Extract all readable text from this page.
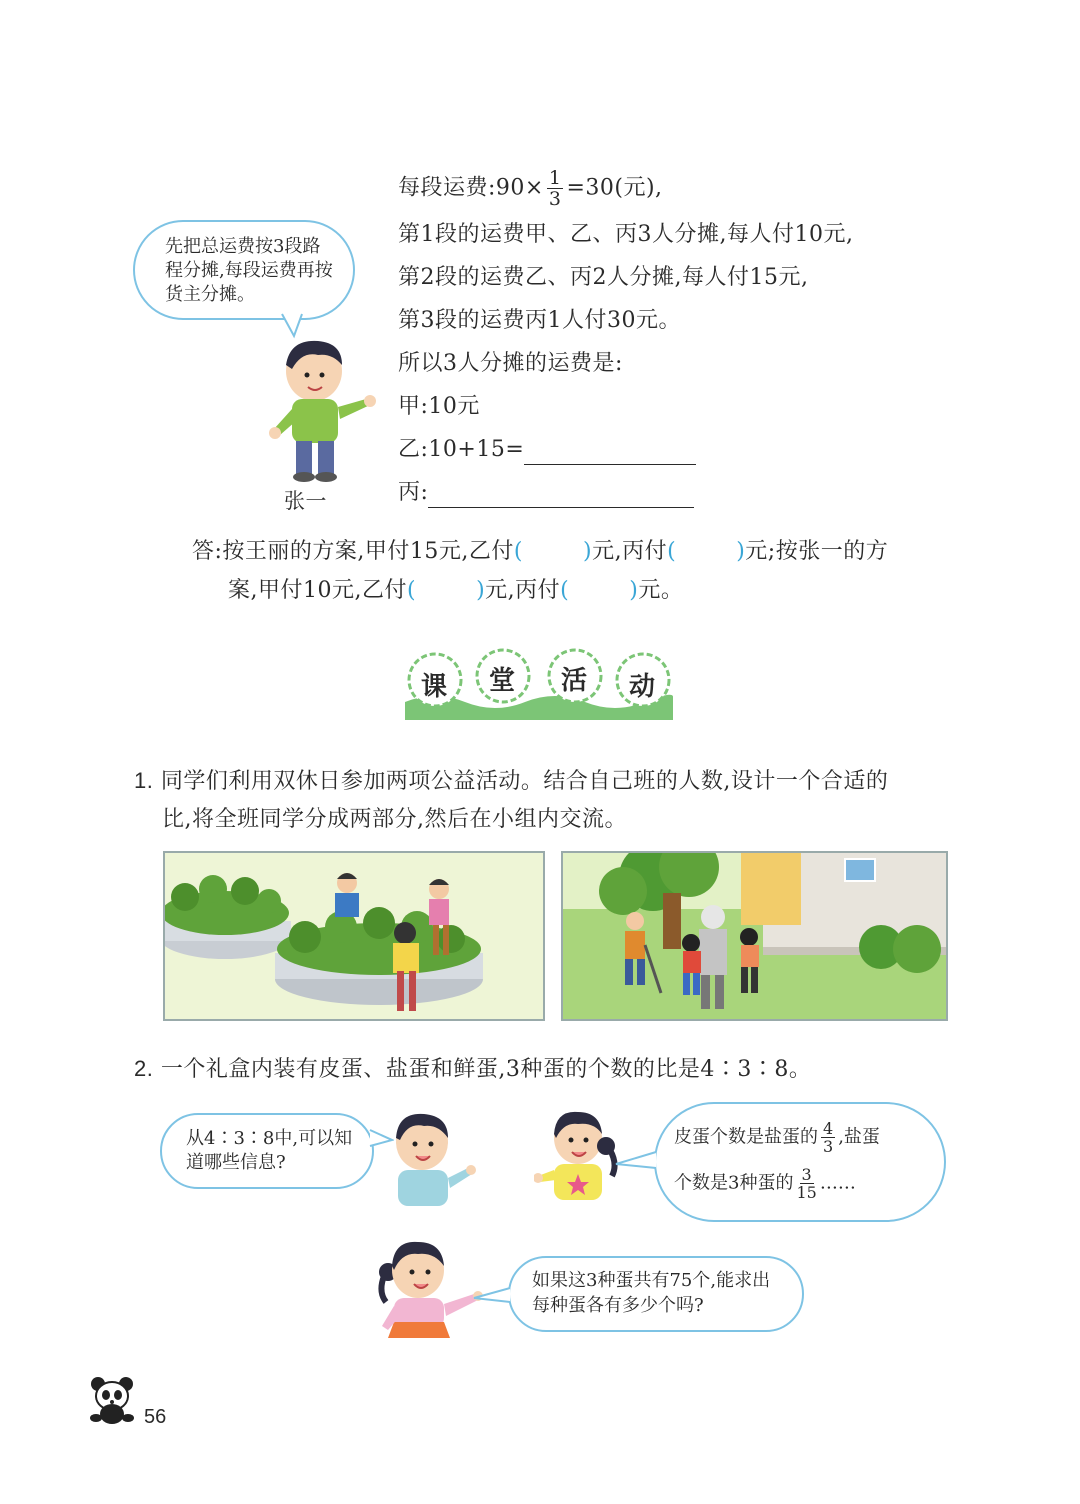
每段运费:90× $\frac{1}{3} =30$(元),
第1段的运费甲、乙、丙3人分摊,每人付10元,
第2段的运费乙、丙2人分摊,每人付15元,
第3段的运费丙1人付30元。
所以3人分摊的运费是:
甲:10元
乙:10+15=
丙:
先把总运费按3段路程分摊,每段运费再按货主分摊。
张一
答:按王丽的方案,甲付15元,乙付(	)元,丙付(	)元;按张一的方
案,甲付10元,乙付(	)元,丙付(	)元。
课 堂 活 动
1. 同学们利用双休日参加两项公益活动。结合自己班的人数,设计一个合适的
比,将全班同学分成两部分,然后在小组内交流。
2. 一个礼盒内装有皮蛋、盐蛋和鲜蛋,3种蛋的个数的比是4∶3∶8。
从4∶3∶8中,可以知道哪些信息?
皮蛋个数是盐蛋的 $\frac{4}{3}$ ,盐蛋
个数是3种蛋的 $\frac{3}{15}$ ……
如果这3种蛋共有75个,能求出每种蛋各有多少个吗?
56
